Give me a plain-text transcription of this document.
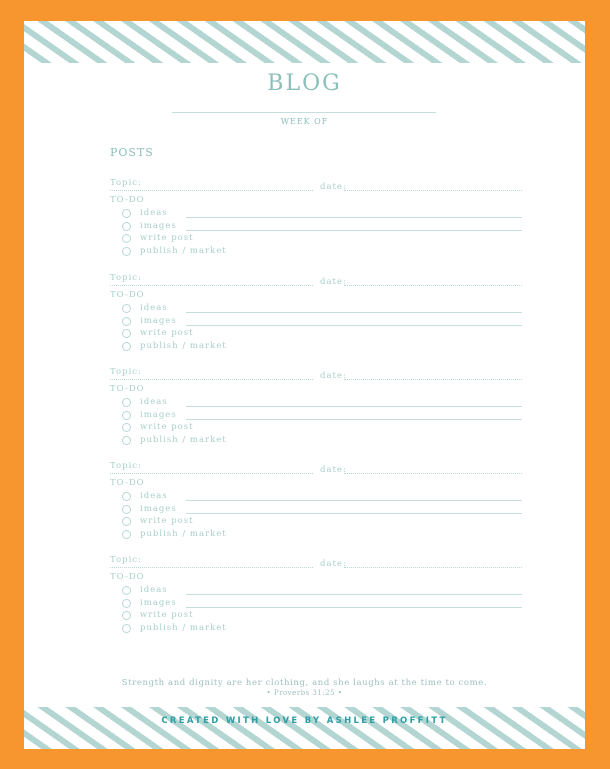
BLOG
WEEK OF
POSTS
Topic:	date:
TO-DO
ideas
images
write post
publish / market
Topic:	date:
TO-DO
ideas
images
write post
publish / market
Topic:	date:
TO-DO
ideas
images
write post
publish / market
Topic:	date:
TO-DO
ideas
images
write post
publish / market
Topic:	date:
TO-DO
ideas
images
write post
publish / market
Strength and dignity are her clothing, and she laughs at the time to come.
• Proverbs 31:25 •
CREATED WITH LOVE BY ASHLEE PROFFITT
